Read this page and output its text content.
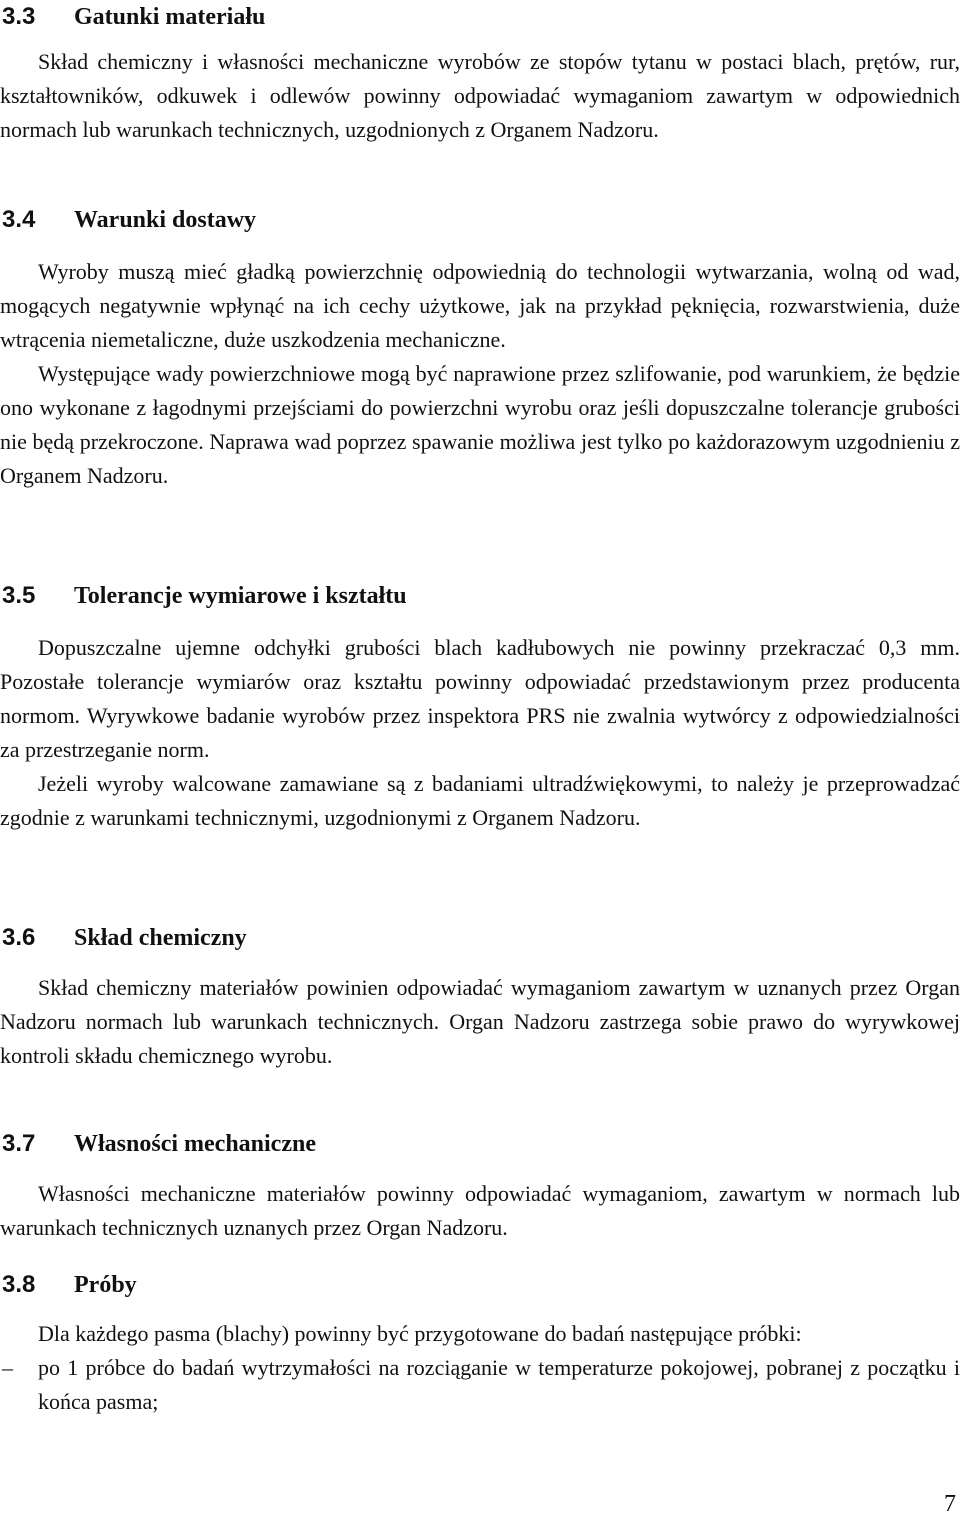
3.3 Gatunki materiału

Skład chemiczny i własności mechaniczne wyrobów ze stopów tytanu w postaci blach, prętów, rur, kształtowników, odkuwek i odlewów powinny odpowiadać wymaganiom zawartym w odpowiednich normach lub warunkach technicznych, uzgodnionych z Organem Nadzoru.

3.4 Warunki dostawy

Wyroby muszą mieć gładką powierzchnię odpowiednią do technologii wytwarzania, wolną od wad, mogących negatywnie wpłynąć na ich cechy użytkowe, jak na przykład pęknięcia, rozwarstwienia, duże wtrącenia niemetaliczne, duże uszkodzenia mechaniczne.

Występujące wady powierzchniowe mogą być naprawione przez szlifowanie, pod warunkiem, że będzie ono wykonane z łagodnymi przejściami do powierzchni wyrobu oraz jeśli dopuszczalne tolerancje grubości nie będą przekroczone. Naprawa wad poprzez spawanie możliwa jest tylko po każdorazowym uzgodnieniu z Organem Nadzoru.

3.5 Tolerancje wymiarowe i kształtu

Dopuszczalne ujemne odchyłki grubości blach kadłubowych nie powinny przekraczać 0,3 mm. Pozostałe tolerancje wymiarów oraz kształtu powinny odpowiadać przedstawionym przez producenta normom. Wyrywkowe badanie wyrobów przez inspektora PRS nie zwalnia wytwórcy z odpowiedzialności za przestrzeganie norm.

Jeżeli wyroby walcowane zamawiane są z badaniami ultradźwiękowymi, to należy je przeprowadzać zgodnie z warunkami technicznymi, uzgodnionymi z Organem Nadzoru.

3.6 Skład chemiczny

Skład chemiczny materiałów powinien odpowiadać wymaganiom zawartym w uznanych przez Organ Nadzoru normach lub warunkach technicznych. Organ Nadzoru zastrzega sobie prawo do wyrywkowej kontroli składu chemicznego wyrobu.

3.7 Własności mechaniczne

Własności mechaniczne materiałów powinny odpowiadać wymaganiom, zawartym w normach lub warunkach technicznych uznanych przez Organ Nadzoru.

3.8 Próby

Dla każdego pasma (blachy) powinny być przygotowane do badań następujące próbki:

–	po 1 próbce do badań wytrzymałości na rozciąganie w temperaturze pokojowej, pobranej z początku i końca pasma;
7
